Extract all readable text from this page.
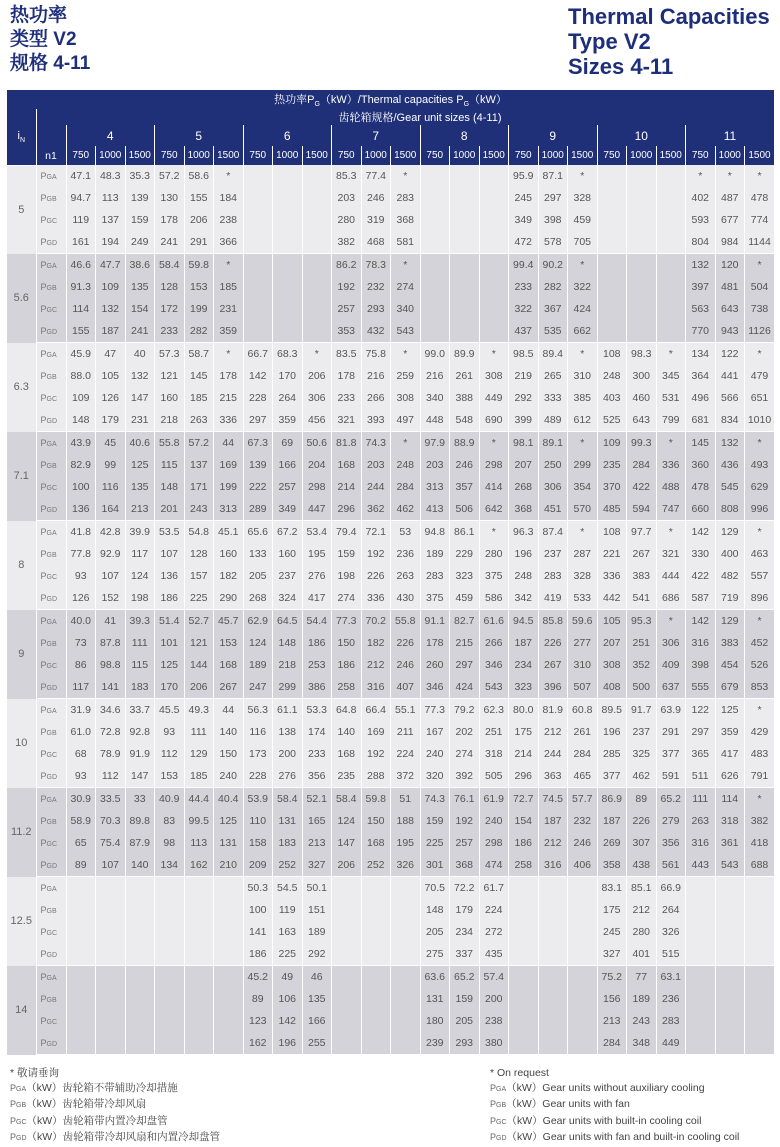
热功率
类型 V2
规格 4-11
Thermal Capacities
Type V2
Sizes 4-11
热功率$P_G(kW)$/Thermal capacities $P_G(kW)$																									
$i_N$		齿轮箱规格/Gear unit sizes (4-11)																							
		4			5			6			7			8			9			10			11		
	n1	750	1000	1500	750	1000	1500	750	1000	1500	750	1000	1500	750	1000	1500	750	1000	1500	750	1000	1500	750	1000	1500
5	PGA	47.1	48.3	35.3	57.2	58.6	*				85.3	77.4	*				95.9	87.1	*				*	*	*
	PGB	94.7	113	139	130	155	184				203	246	283				245	297	328				402	487	478
	PGC	119	137	159	178	206	238				280	319	368				349	398	459				593	677	774
	PGD	161	194	249	241	291	366				382	468	581				472	578	705				804	984	1144
5.6	PGA	46.6	47.7	38.6	58.4	59.8	*				86.2	78.3	*				99.4	90.2	*				132	120	*
	PGB	91.3	109	135	128	153	185				192	232	274				233	282	322				397	481	504
	PGC	114	132	154	172	199	231				257	293	340				322	367	424				563	643	738
	PGD	155	187	241	233	282	359				353	432	543				437	535	662				770	943	1126
6.3	PGA	45.9	47	40	57.3	58.7	*	66.7	68.3	*	83.5	75.8	*	99.0	89.9	*	98.5	89.4	*	108	98.3	*	134	122	*
	PGB	88.0	105	132	121	145	178	142	170	206	178	216	259	216	261	308	219	265	310	248	300	345	364	441	479
	PGC	109	126	147	160	185	215	228	264	306	233	266	308	340	388	449	292	333	385	403	460	531	496	566	651
	PGD	148	179	231	218	263	336	297	359	456	321	393	497	448	548	690	399	489	612	525	643	799	681	834	1010
7.1	PGA	43.9	45	40.6	55.8	57.2	44	67.3	69	50.6	81.8	74.3	*	97.9	88.9	*	98.1	89.1	*	109	99.3	*	145	132	*
	PGB	82.9	99	125	115	137	169	139	166	204	168	203	248	203	246	298	207	250	299	235	284	336	360	436	493
	PGC	100	116	135	148	171	199	222	257	298	214	244	284	313	357	414	268	306	354	370	422	488	478	545	629
	PGD	136	164	213	201	243	313	289	349	447	296	362	462	413	506	642	368	451	570	485	594	747	660	808	996
8	PGA	41.8	42.8	39.9	53.5	54.8	45.1	65.6	67.2	53.4	79.4	72.1	53	94.8	86.1	*	96.3	87.4	*	108	97.7	*	142	129	*
	PGB	77.8	92.9	117	107	128	160	133	160	195	159	192	236	189	229	280	196	237	287	221	267	321	330	400	463
	PGC	93	107	124	136	157	182	205	237	276	198	226	263	283	323	375	248	283	328	336	383	444	422	482	557
	PGD	126	152	198	186	225	290	268	324	417	274	336	430	375	459	586	342	419	533	442	541	686	587	719	896
9	PGA	40.0	41	39.3	51.4	52.7	45.7	62.9	64.5	54.4	77.3	70.2	55.8	91.1	82.7	61.6	94.5	85.8	59.6	105	95.3	*	142	129	*
	PGB	73	87.8	111	101	121	153	124	148	186	150	182	226	178	215	266	187	226	277	207	251	306	316	383	452
	PGC	86	98.8	115	125	144	168	189	218	253	186	212	246	260	297	346	234	267	310	308	352	409	398	454	526
	PGD	117	141	183	170	206	267	247	299	386	258	316	407	346	424	543	323	396	507	408	500	637	555	679	853
10	PGA	31.9	34.6	33.7	45.5	49.3	44	56.3	61.1	53.3	64.8	66.4	55.1	77.3	79.2	62.3	80.0	81.9	60.8	89.5	91.7	63.9	122	125	*
	PGB	61.0	72.8	92.8	93	111	140	116	138	174	140	169	211	167	202	251	175	212	261	196	237	291	297	359	429
	PGC	68	78.9	91.9	112	129	150	173	200	233	168	192	224	240	274	318	214	244	284	285	325	377	365	417	483
	PGD	93	112	147	153	185	240	228	276	356	235	288	372	320	392	505	296	363	465	377	462	591	511	626	791
11.2	PGA	30.9	33.5	33	40.9	44.4	40.4	53.9	58.4	52.1	58.4	59.8	51	74.3	76.1	61.9	72.7	74.5	57.7	86.9	89	65.2	111	114	*
	PGB	58.9	70.3	89.8	83	99.5	125	110	131	165	124	150	188	159	192	240	154	187	232	187	226	279	263	318	382
	PGC	65	75.4	87.9	98	113	131	158	183	213	147	168	195	225	257	298	186	212	246	269	307	356	316	361	418
	PGD	89	107	140	134	162	210	209	252	327	206	252	326	301	368	474	258	316	406	358	438	561	443	543	688
12.5	PGA							50.3	54.5	50.1				70.5	72.2	61.7				83.1	85.1	66.9			
	PGB							100	119	151				148	179	224				175	212	264			
	PGC							141	163	189				205	234	272				245	280	326			
	PGD							186	225	292				275	337	435				327	401	515			
14	PGA							45.2	49	46				63.6	65.2	57.4				75.2	77	63.1			
	PGB							89	106	135				131	159	200				156	189	236			
	PGC							123	142	166				180	205	238				213	243	283			
	PGD							162	196	255				239	293	380				284	348	449			
* 敬请垂询
PGA（kW）齿轮箱不带辅助冷却措施
PGB（kW）齿轮箱带冷却风扇
PGC（kW）齿轮箱带内置冷却盘管
PGD（kW）齿轮箱带冷却风扇和内置冷却盘管
* On request
PGA（kW）Gear units without auxiliary cooling
PGB（kW）Gear units with fan
PGC（kW）Gear units with built-in cooling coil
PGD（kW）Gear units with fan and built-in cooling coil
